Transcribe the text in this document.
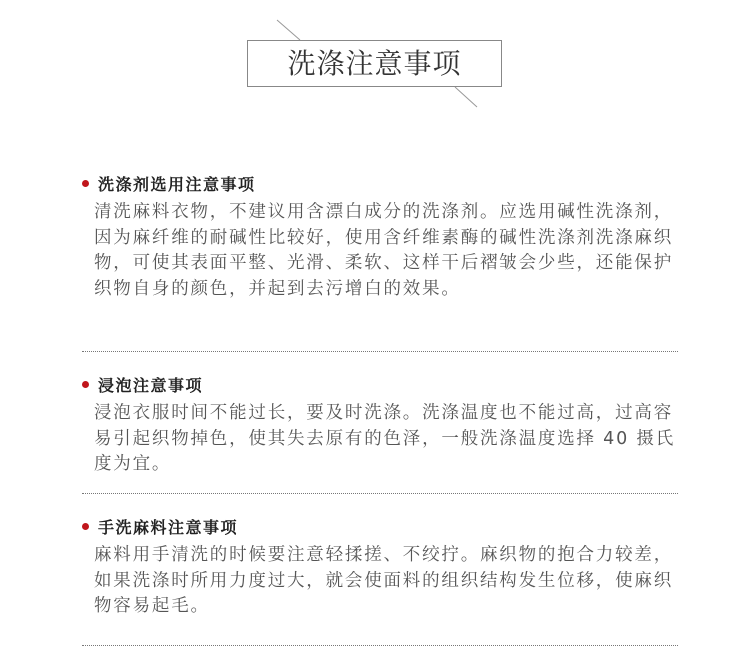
洗涤注意事项
洗涤剂选用注意事项
清洗麻料衣物，不建议用含漂白成分的洗涤剂。应选用碱性洗涤剂，因为麻纤维的耐碱性比较好，使用含纤维素酶的碱性洗涤剂洗涤麻织物，可使其表面平整、光滑、柔软、这样干后褶皱会少些，还能保护织物自身的颜色，并起到去污增白的效果。
浸泡注意事项
浸泡衣服时间不能过长，要及时洗涤。洗涤温度也不能过高，过高容易引起织物掉色，使其失去原有的色泽，一般洗涤温度选择 40 摄氏度为宜。
手洗麻料注意事项
麻料用手清洗的时候要注意轻揉搓、不绞拧。麻织物的抱合力较差，如果洗涤时所用力度过大，就会使面料的组织结构发生位移，使麻织物容易起毛。
